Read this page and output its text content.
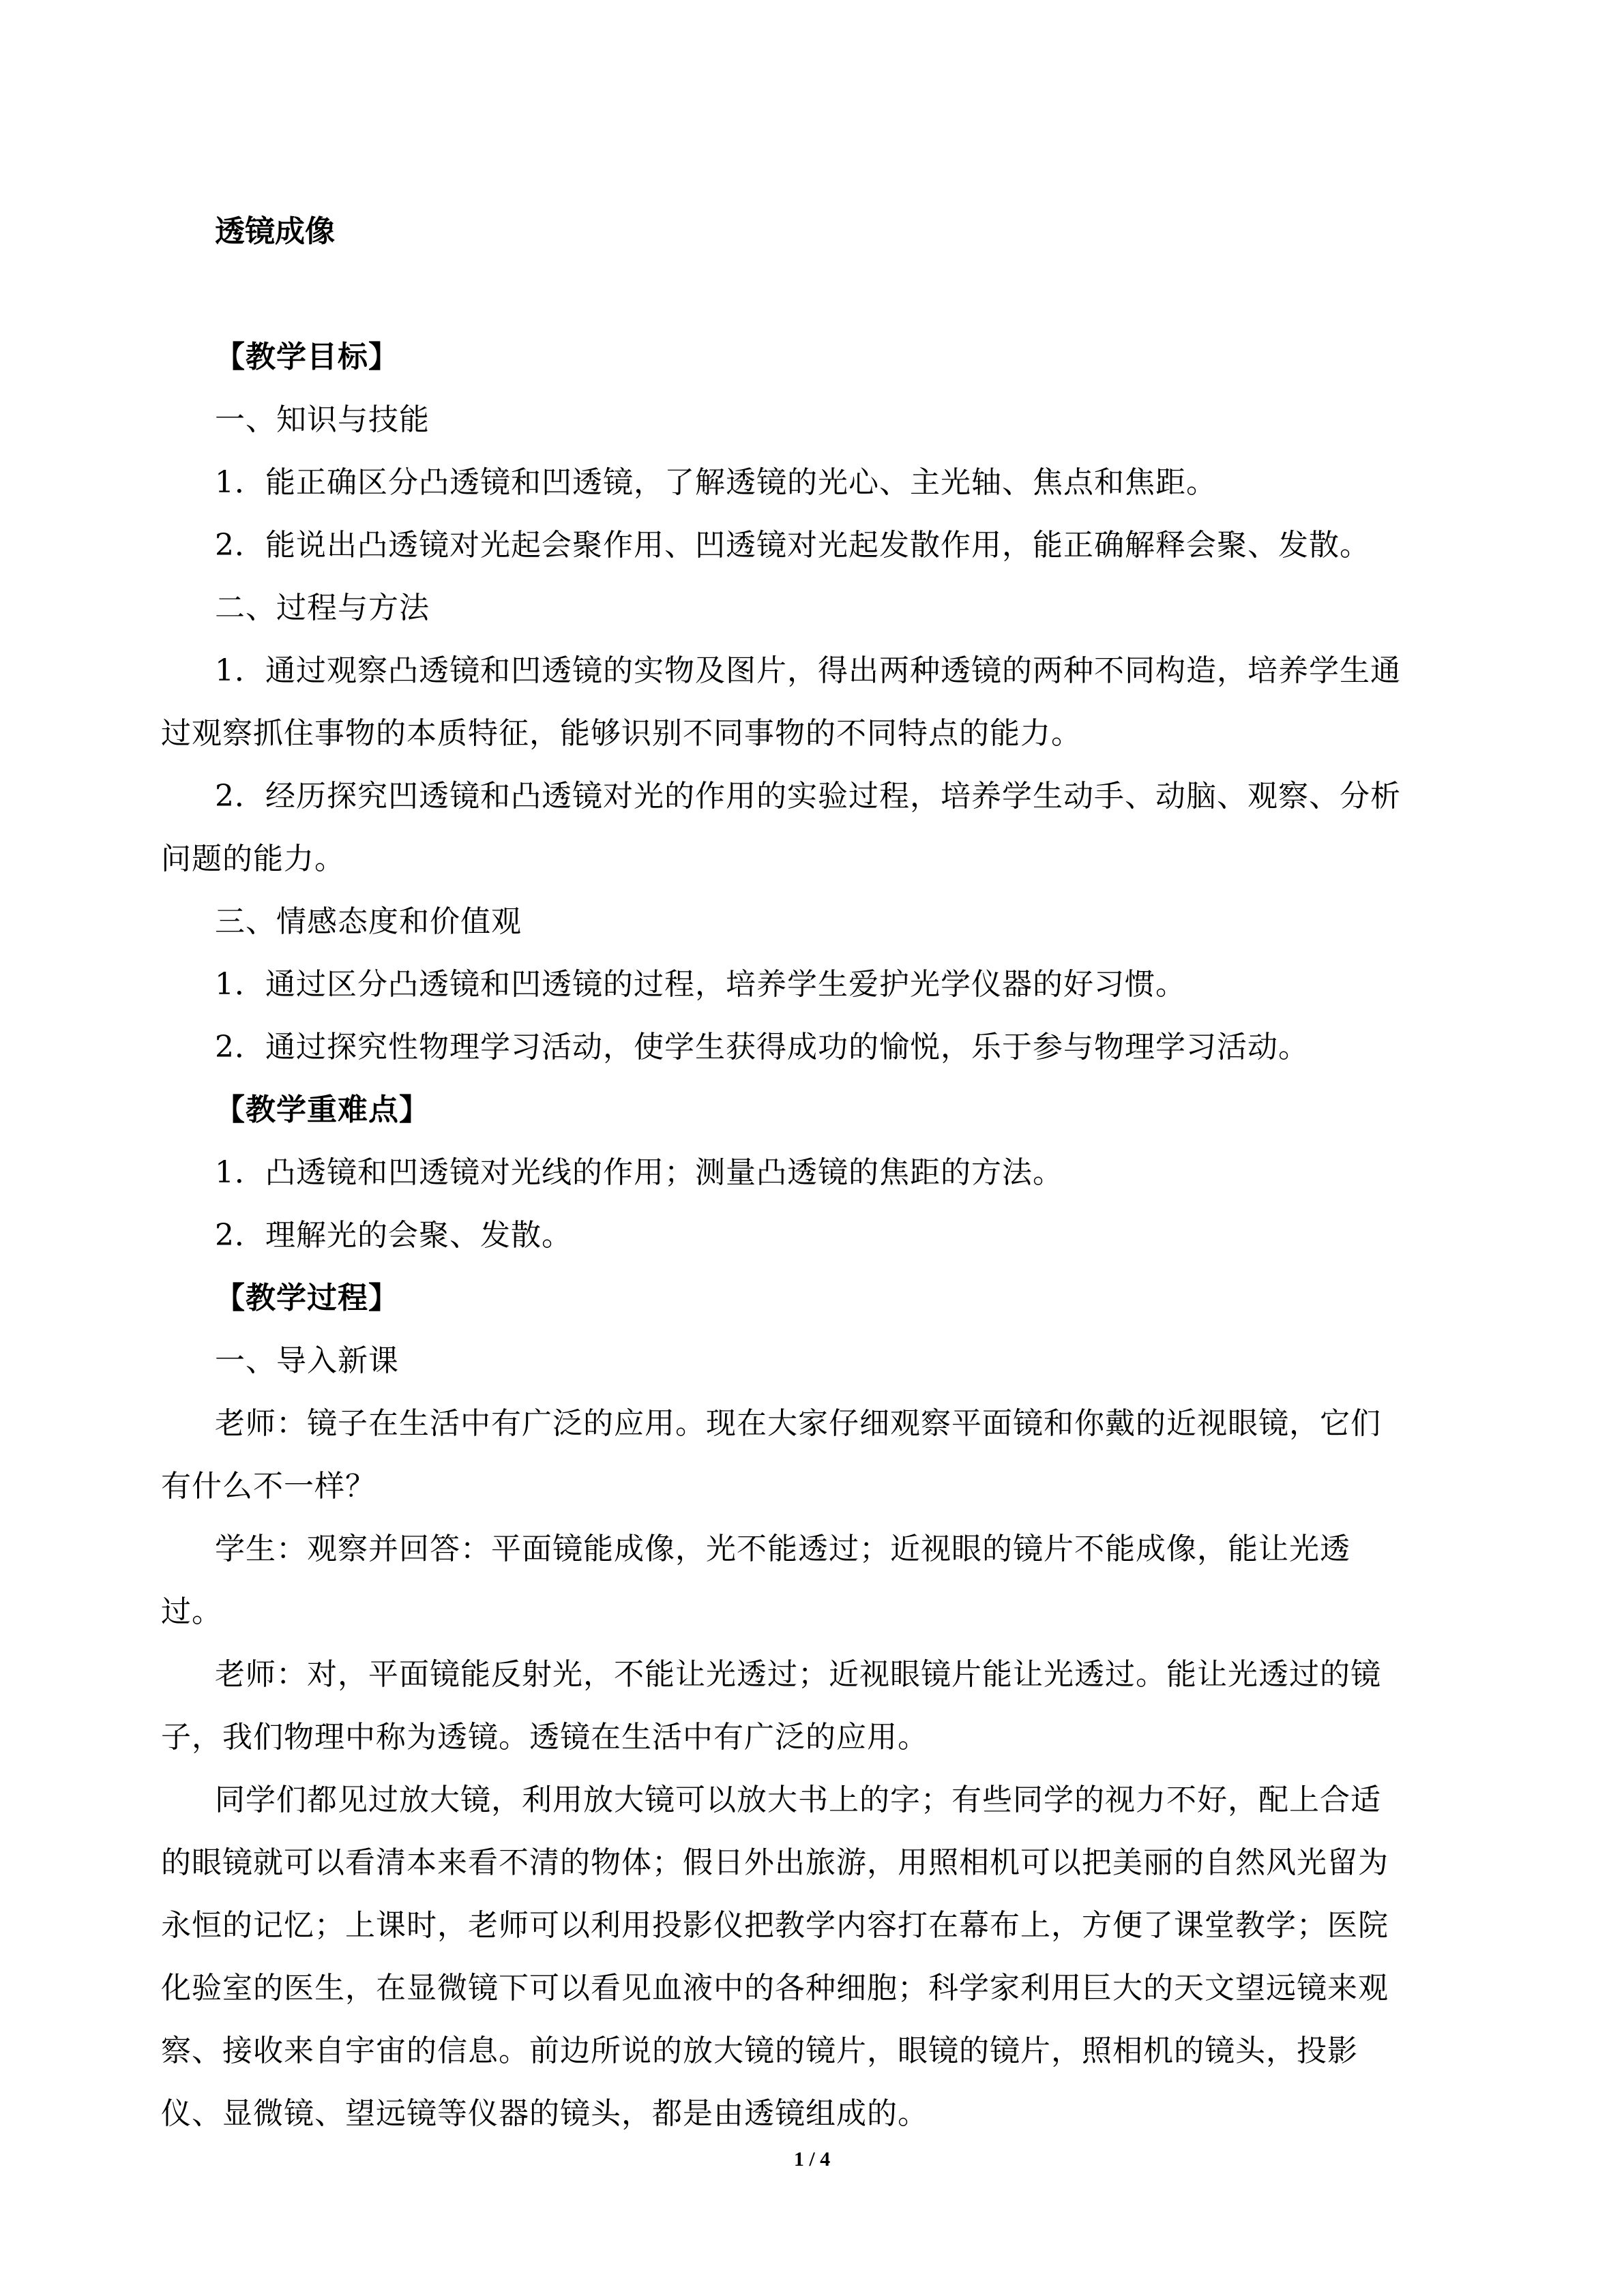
透镜成像
【教学目标】
一、知识与技能
1．能正确区分凸透镜和凹透镜，了解透镜的光心、主光轴、焦点和焦距。
2．能说出凸透镜对光起会聚作用、凹透镜对光起发散作用，能正确解释会聚、发散。
二、过程与方法
1．通过观察凸透镜和凹透镜的实物及图片，得出两种透镜的两种不同构造，培养学生通
过观察抓住事物的本质特征，能够识别不同事物的不同特点的能力。
2．经历探究凹透镜和凸透镜对光的作用的实验过程，培养学生动手、动脑、观察、分析
问题的能力。
三、情感态度和价值观
1．通过区分凸透镜和凹透镜的过程，培养学生爱护光学仪器的好习惯。
2．通过探究性物理学习活动，使学生获得成功的愉悦，乐于参与物理学习活动。
【教学重难点】
1．凸透镜和凹透镜对光线的作用；测量凸透镜的焦距的方法。
2．理解光的会聚、发散。
【教学过程】
一、导入新课
老师：镜子在生活中有广泛的应用。现在大家仔细观察平面镜和你戴的近视眼镜，它们
有什么不一样？
学生：观察并回答：平面镜能成像，光不能透过；近视眼的镜片不能成像，能让光透
过。
老师：对，平面镜能反射光，不能让光透过；近视眼镜片能让光透过。能让光透过的镜
子，我们物理中称为透镜。透镜在生活中有广泛的应用。
同学们都见过放大镜，利用放大镜可以放大书上的字；有些同学的视力不好，配上合适
的眼镜就可以看清本来看不清的物体；假日外出旅游，用照相机可以把美丽的自然风光留为
永恒的记忆；上课时，老师可以利用投影仪把教学内容打在幕布上，方便了课堂教学；医院
化验室的医生，在显微镜下可以看见血液中的各种细胞；科学家利用巨大的天文望远镜来观
察、接收来自宇宙的信息。前边所说的放大镜的镜片，眼镜的镜片，照相机的镜头，投影
仪、显微镜、望远镜等仪器的镜头，都是由透镜组成的。
1 / 4
